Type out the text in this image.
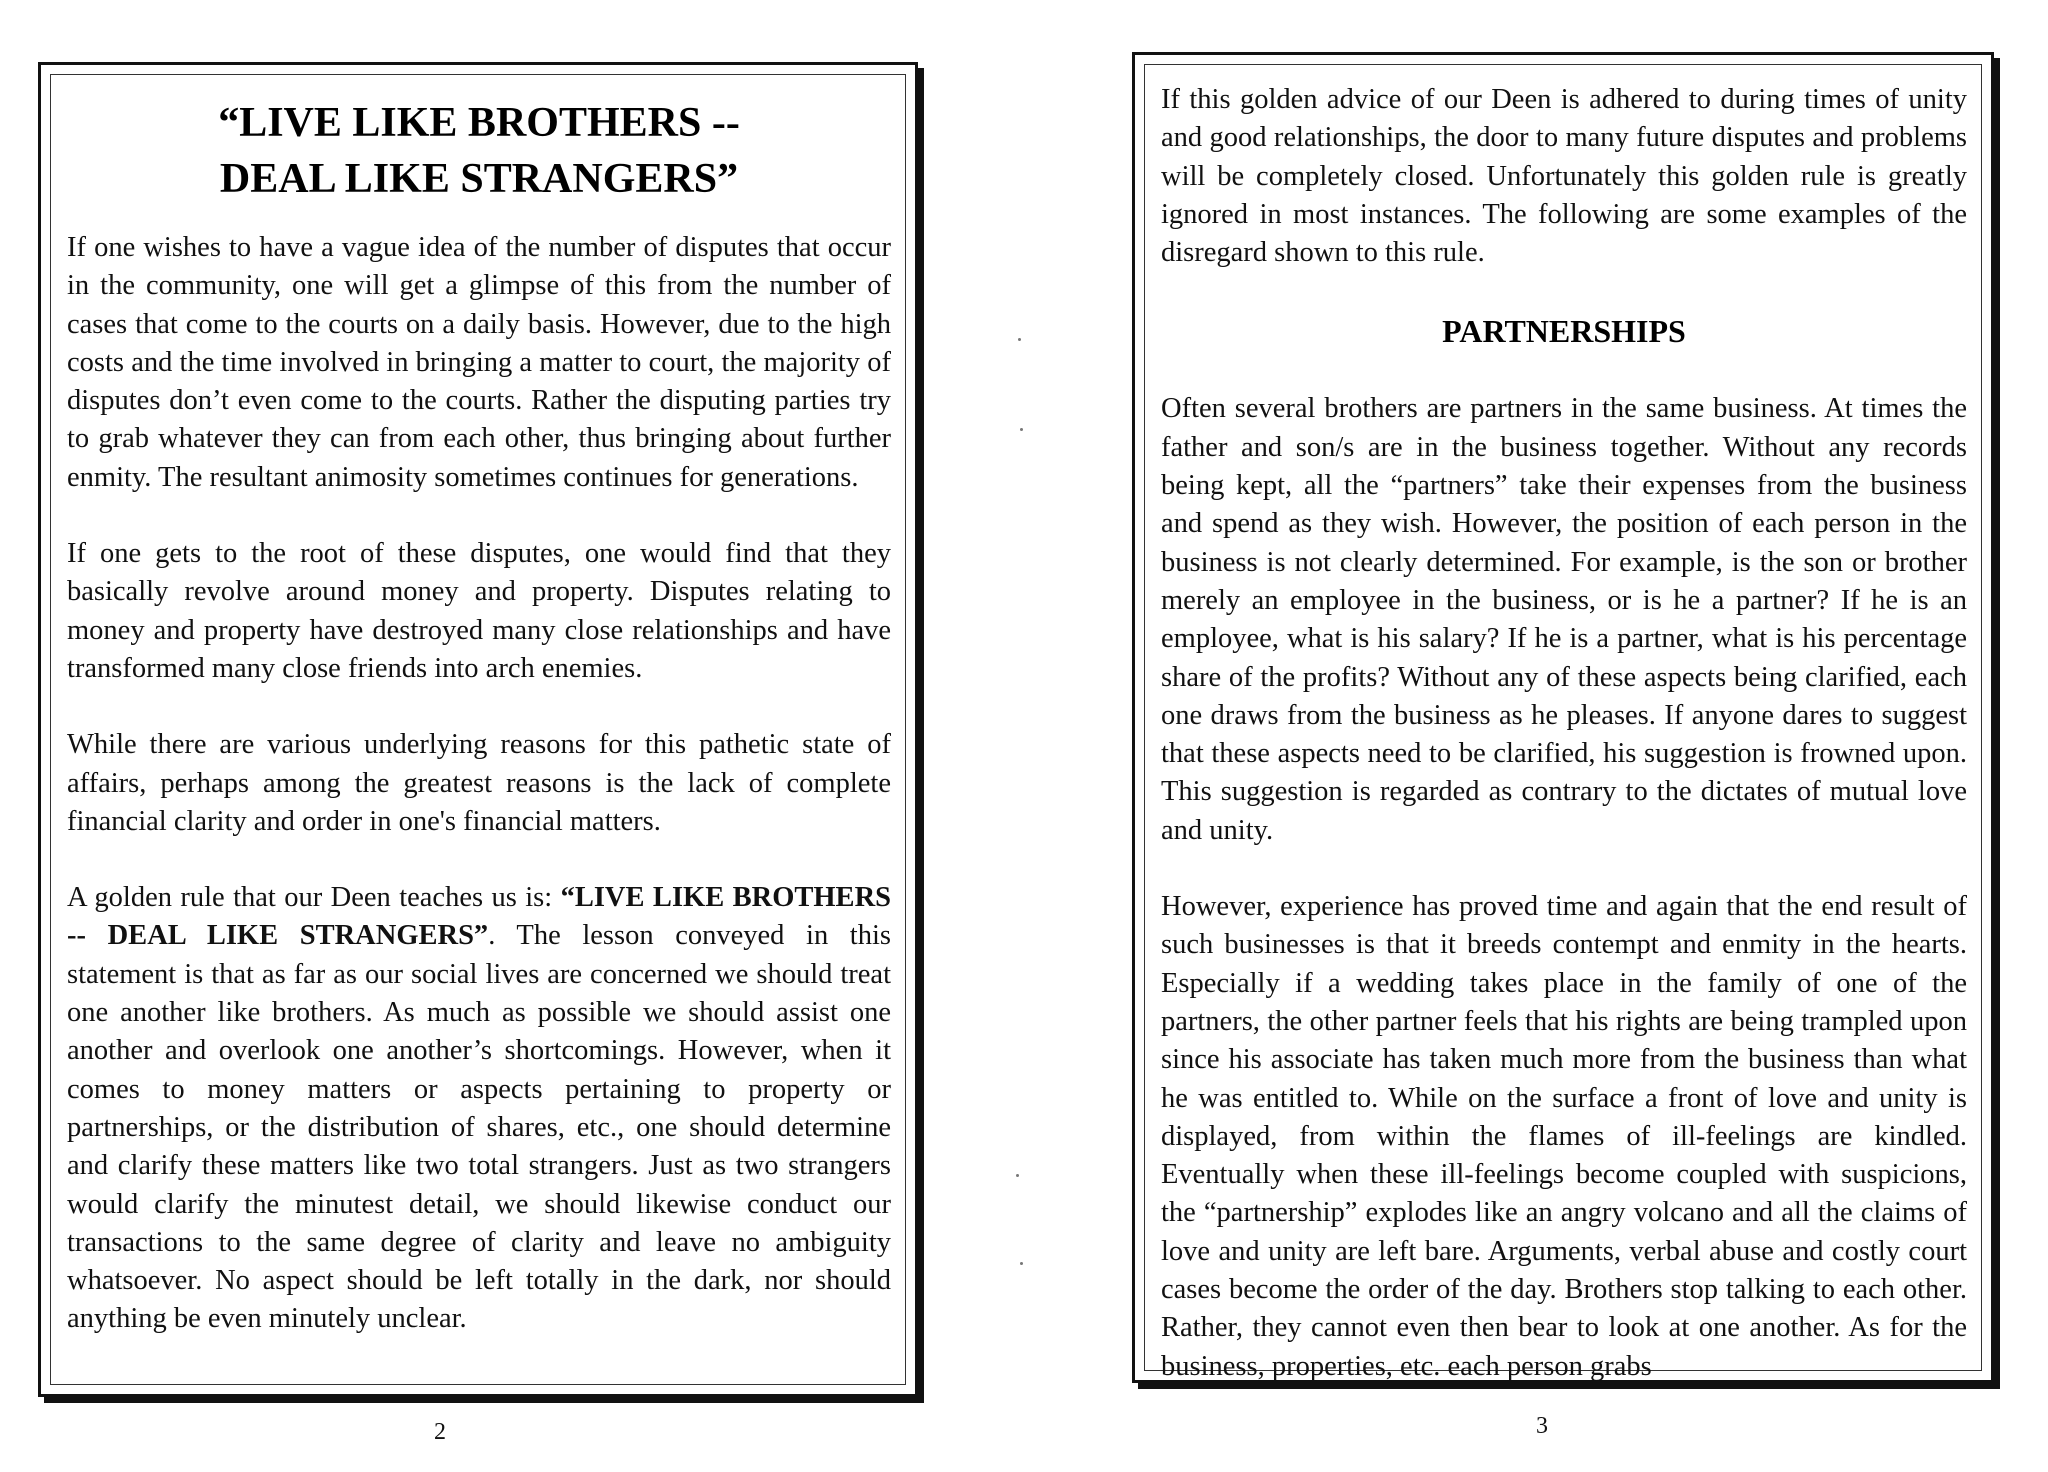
“LIVE LIKE BROTHERS --
DEAL LIKE STRANGERS”

If one wishes to have a vague idea of the number of disputes that occur in the community, one will get a glimpse of this from the number of cases that come to the courts on a daily basis. However, due to the high costs and the time involved in bringing a matter to court, the majority of disputes don’t even come to the courts. Rather the disputing parties try to grab whatever they can from each other, thus bringing about further enmity. The resultant animosity sometimes continues for generations.

If one gets to the root of these disputes, one would find that they basically revolve around money and property. Disputes relating to money and property have destroyed many close relationships and have transformed many close friends into arch enemies.

While there are various underlying reasons for this pathetic state of affairs, perhaps among the greatest reasons is the lack of complete financial clarity and order in one's financial matters.

A golden rule that our Deen teaches us is: “LIVE LIKE BROTHERS -- DEAL LIKE STRANGERS”. The lesson conveyed in this statement is that as far as our social lives are concerned we should treat one another like brothers. As much as possible we should assist one another and overlook one another’s shortcomings. However, when it comes to money matters or aspects pertaining to property or partnerships, or the distribution of shares, etc., one should determine and clarify these matters like two total strangers. Just as two strangers would clarify the minutest detail, we should likewise conduct our transactions to the same degree of clarity and leave no ambiguity whatsoever. No aspect should be left totally in the dark, nor should anything be even minutely unclear.

2

If this golden advice of our Deen is adhered to during times of unity and good relationships, the door to many future disputes and problems will be completely closed. Unfortunately this golden rule is greatly ignored in most instances. The following are some examples of the disregard shown to this rule.

PARTNERSHIPS

Often several brothers are partners in the same business. At times the father and son/s are in the business together. Without any records being kept, all the “partners” take their expenses from the business and spend as they wish. However, the position of each person in the business is not clearly determined. For example, is the son or brother merely an employee in the business, or is he a partner? If he is an employee, what is his salary? If he is a partner, what is his percentage share of the profits? Without any of these aspects being clarified, each one draws from the business as he pleases. If anyone dares to suggest that these aspects need to be clarified, his suggestion is frowned upon. This suggestion is regarded as contrary to the dictates of mutual love and unity.

However, experience has proved time and again that the end result of such businesses is that it breeds contempt and enmity in the hearts. Especially if a wedding takes place in the family of one of the partners, the other partner feels that his rights are being trampled upon since his associate has taken much more from the business than what he was entitled to. While on the surface a front of love and unity is displayed, from within the flames of ill-feelings are kindled. Eventually when these ill-feelings become coupled with suspicions, the “partnership” explodes like an angry volcano and all the claims of love and unity are left bare. Arguments, verbal abuse and costly court cases become the order of the day. Brothers stop talking to each other. Rather, they cannot even then bear to look at one another. As for the business, properties, etc. each person grabs

3
